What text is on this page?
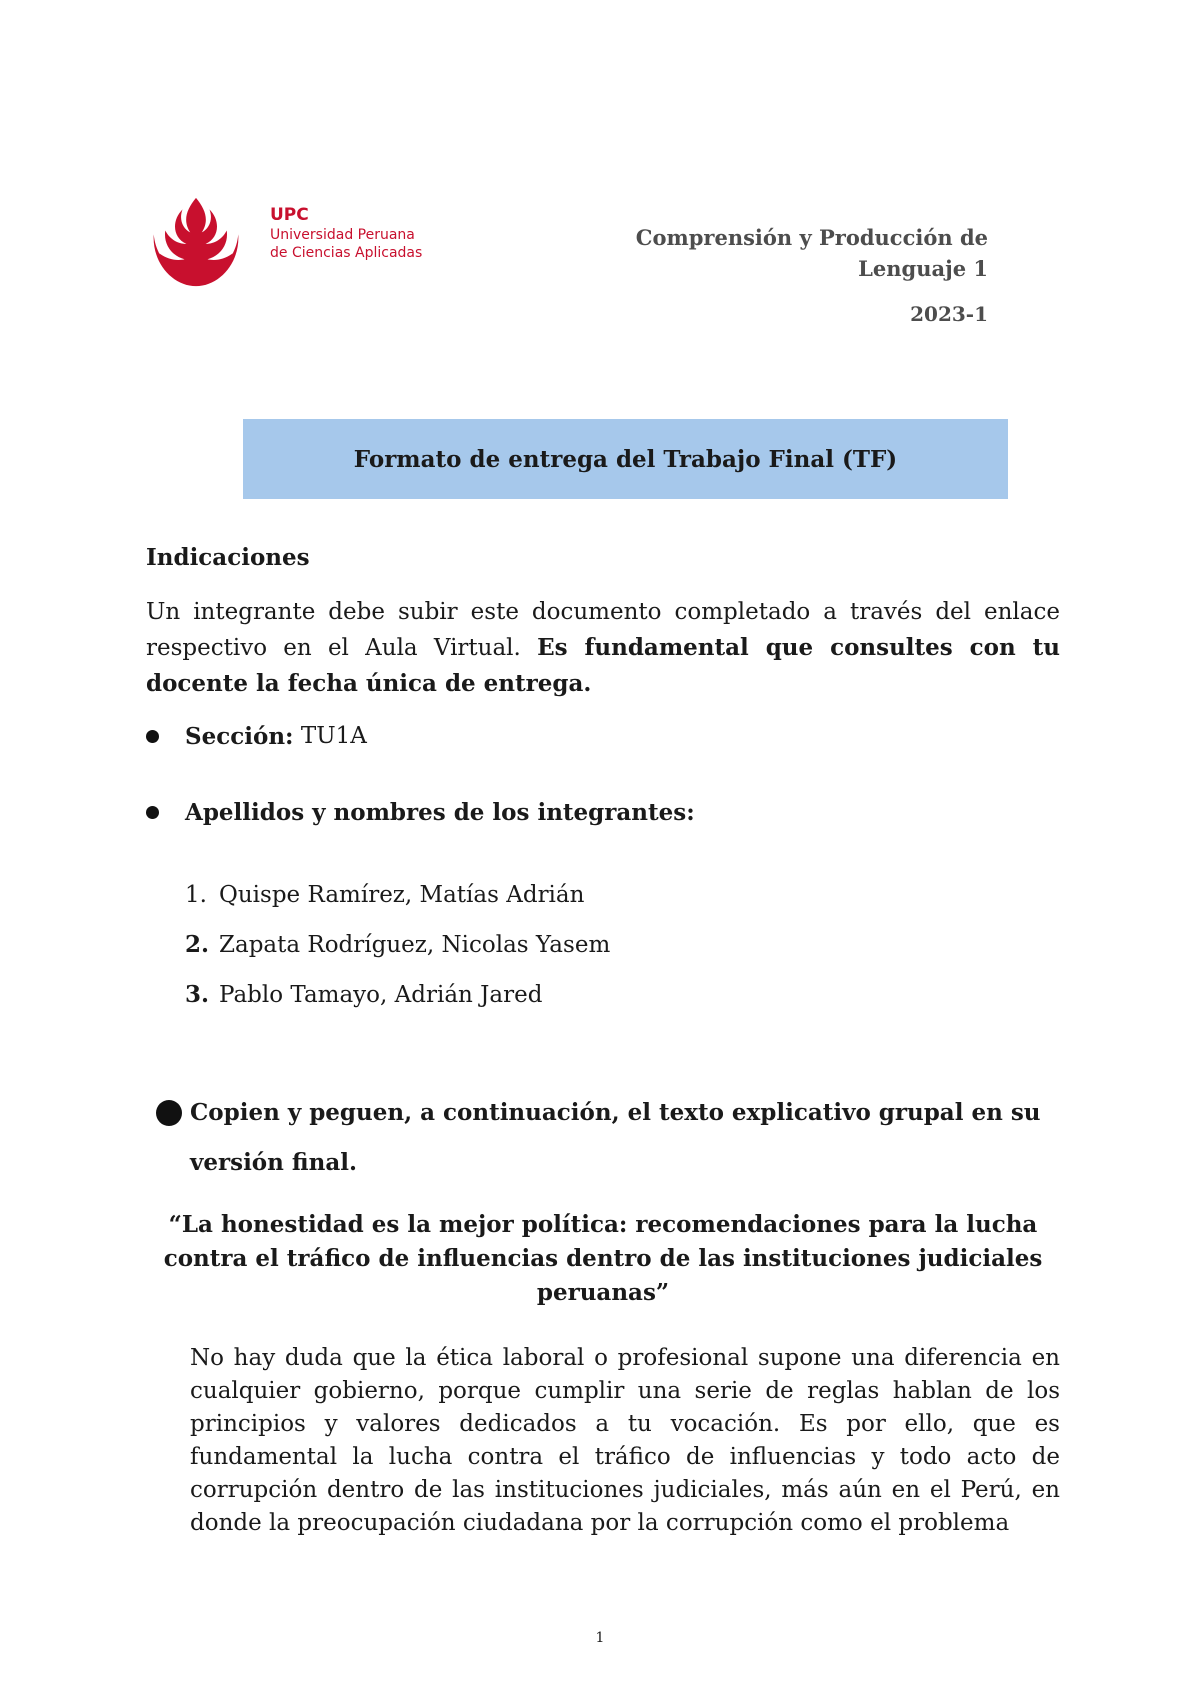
UPC
Universidad Peruana
de Ciencias Aplicadas
Comprensión y Producción de Lenguaje 1
2023-1
Formato de entrega del Trabajo Final (TF)
Indicaciones
Un integrante debe subir este documento completado a través del enlace respectivo en el Aula Virtual. Es fundamental que consultes con tu docente la fecha única de entrega.
Sección: TU1A
Apellidos y nombres de los integrantes:
1. Quispe Ramírez, Matías Adrián
2. Zapata Rodríguez, Nicolas Yasem
3. Pablo Tamayo, Adrián Jared
Copien y peguen, a continuación, el texto explicativo grupal en su
versión final.
“La honestidad es la mejor política: recomendaciones para la lucha contra el tráfico de influencias dentro de las instituciones judiciales peruanas”
No hay duda que la ética laboral o profesional supone una diferencia en cualquier gobierno, porque cumplir una serie de reglas hablan de los principios y valores dedicados a tu vocación. Es por ello, que es fundamental la lucha contra el tráfico de influencias y todo acto de corrupción dentro de las instituciones judiciales, más aún en el Perú, en donde la preocupación ciudadana por la corrupción como el problema
1
